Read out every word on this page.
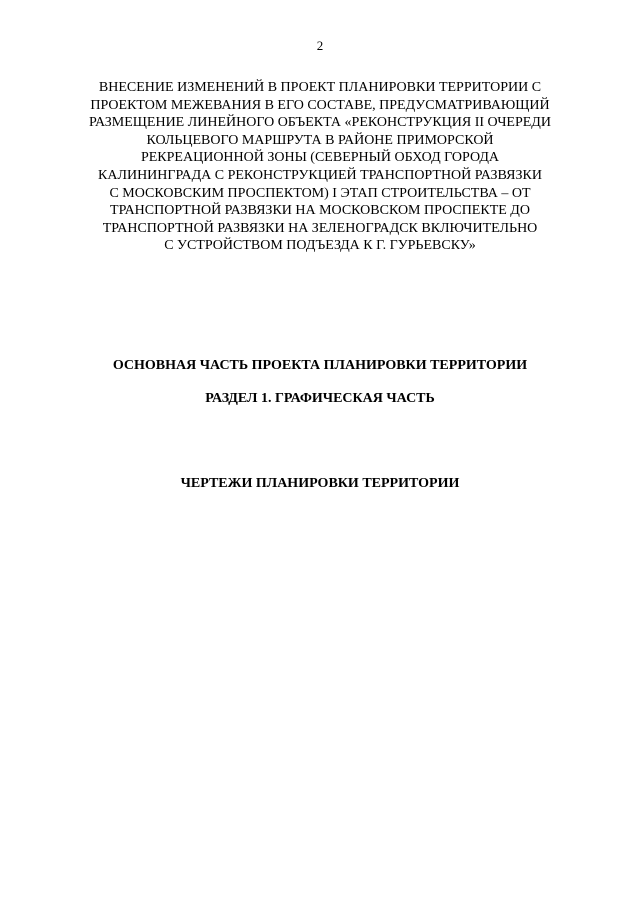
2
ВНЕСЕНИЕ ИЗМЕНЕНИЙ В ПРОЕКТ ПЛАНИРОВКИ ТЕРРИТОРИИ С
ПРОЕКТОМ МЕЖЕВАНИЯ В ЕГО СОСТАВЕ, ПРЕДУСМАТРИВАЮЩИЙ
РАЗМЕЩЕНИЕ ЛИНЕЙНОГО ОБЪЕКТА «РЕКОНСТРУКЦИЯ II ОЧЕРЕДИ
КОЛЬЦЕВОГО МАРШРУТА В РАЙОНЕ ПРИМОРСКОЙ
РЕКРЕАЦИОННОЙ ЗОНЫ (СЕВЕРНЫЙ ОБХОД ГОРОДА
КАЛИНИНГРАДА С РЕКОНСТРУКЦИЕЙ ТРАНСПОРТНОЙ РАЗВЯЗКИ
С МОСКОВСКИМ ПРОСПЕКТОМ) I ЭТАП СТРОИТЕЛЬСТВА – ОТ
ТРАНСПОРТНОЙ РАЗВЯЗКИ НА МОСКОВСКОМ ПРОСПЕКТЕ ДО
ТРАНСПОРТНОЙ РАЗВЯЗКИ НА ЗЕЛЕНОГРАДСК ВКЛЮЧИТЕЛЬНО
С УСТРОЙСТВОМ ПОДЪЕЗДА К Г. ГУРЬЕВСКУ»
ОСНОВНАЯ ЧАСТЬ ПРОЕКТА ПЛАНИРОВКИ ТЕРРИТОРИИ
РАЗДЕЛ 1. ГРАФИЧЕСКАЯ ЧАСТЬ
ЧЕРТЕЖИ ПЛАНИРОВКИ ТЕРРИТОРИИ
